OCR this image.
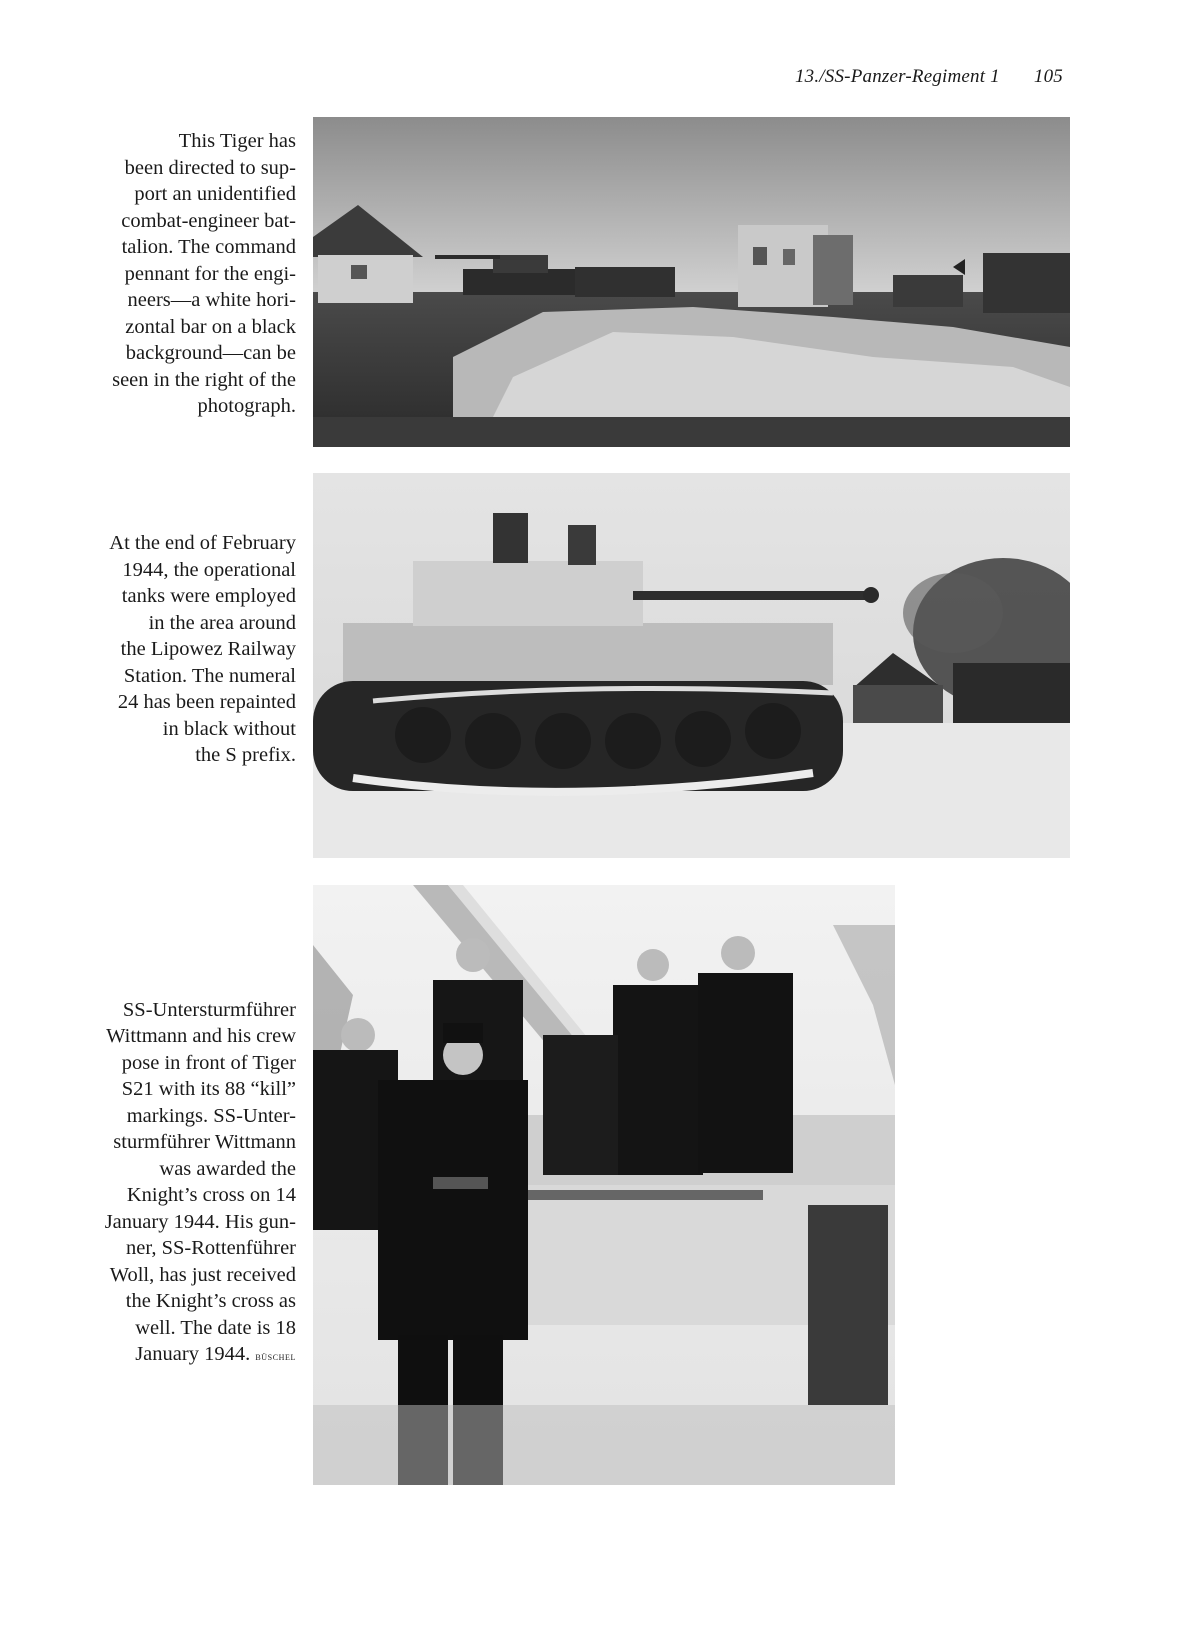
13./SS-Panzer-Regiment 1 105
This Tiger has
been directed to sup-
port an unidentified
combat-engineer bat-
talion. The command
pennant for the engi-
neers—a white hori-
zontal bar on a black
background—can be
seen in the right of the
photograph.
At the end of February
1944, the operational
tanks were employed
in the area around
the Lipowez Railway
Station. The numeral
24 has been repainted
in black without
the S prefix.

SS-Untersturmführer
Wittmann and his crew
pose in front of Tiger
S21 with its 88 “kill”
markings. SS-Unter-
sturmführer Wittmann
was awarded the
Knight’s cross on 14
January 1944. His gun-
ner, SS-Rottenführer
Woll, has just received
the Knight’s cross as
well. The date is 18
January 1944. büschel
